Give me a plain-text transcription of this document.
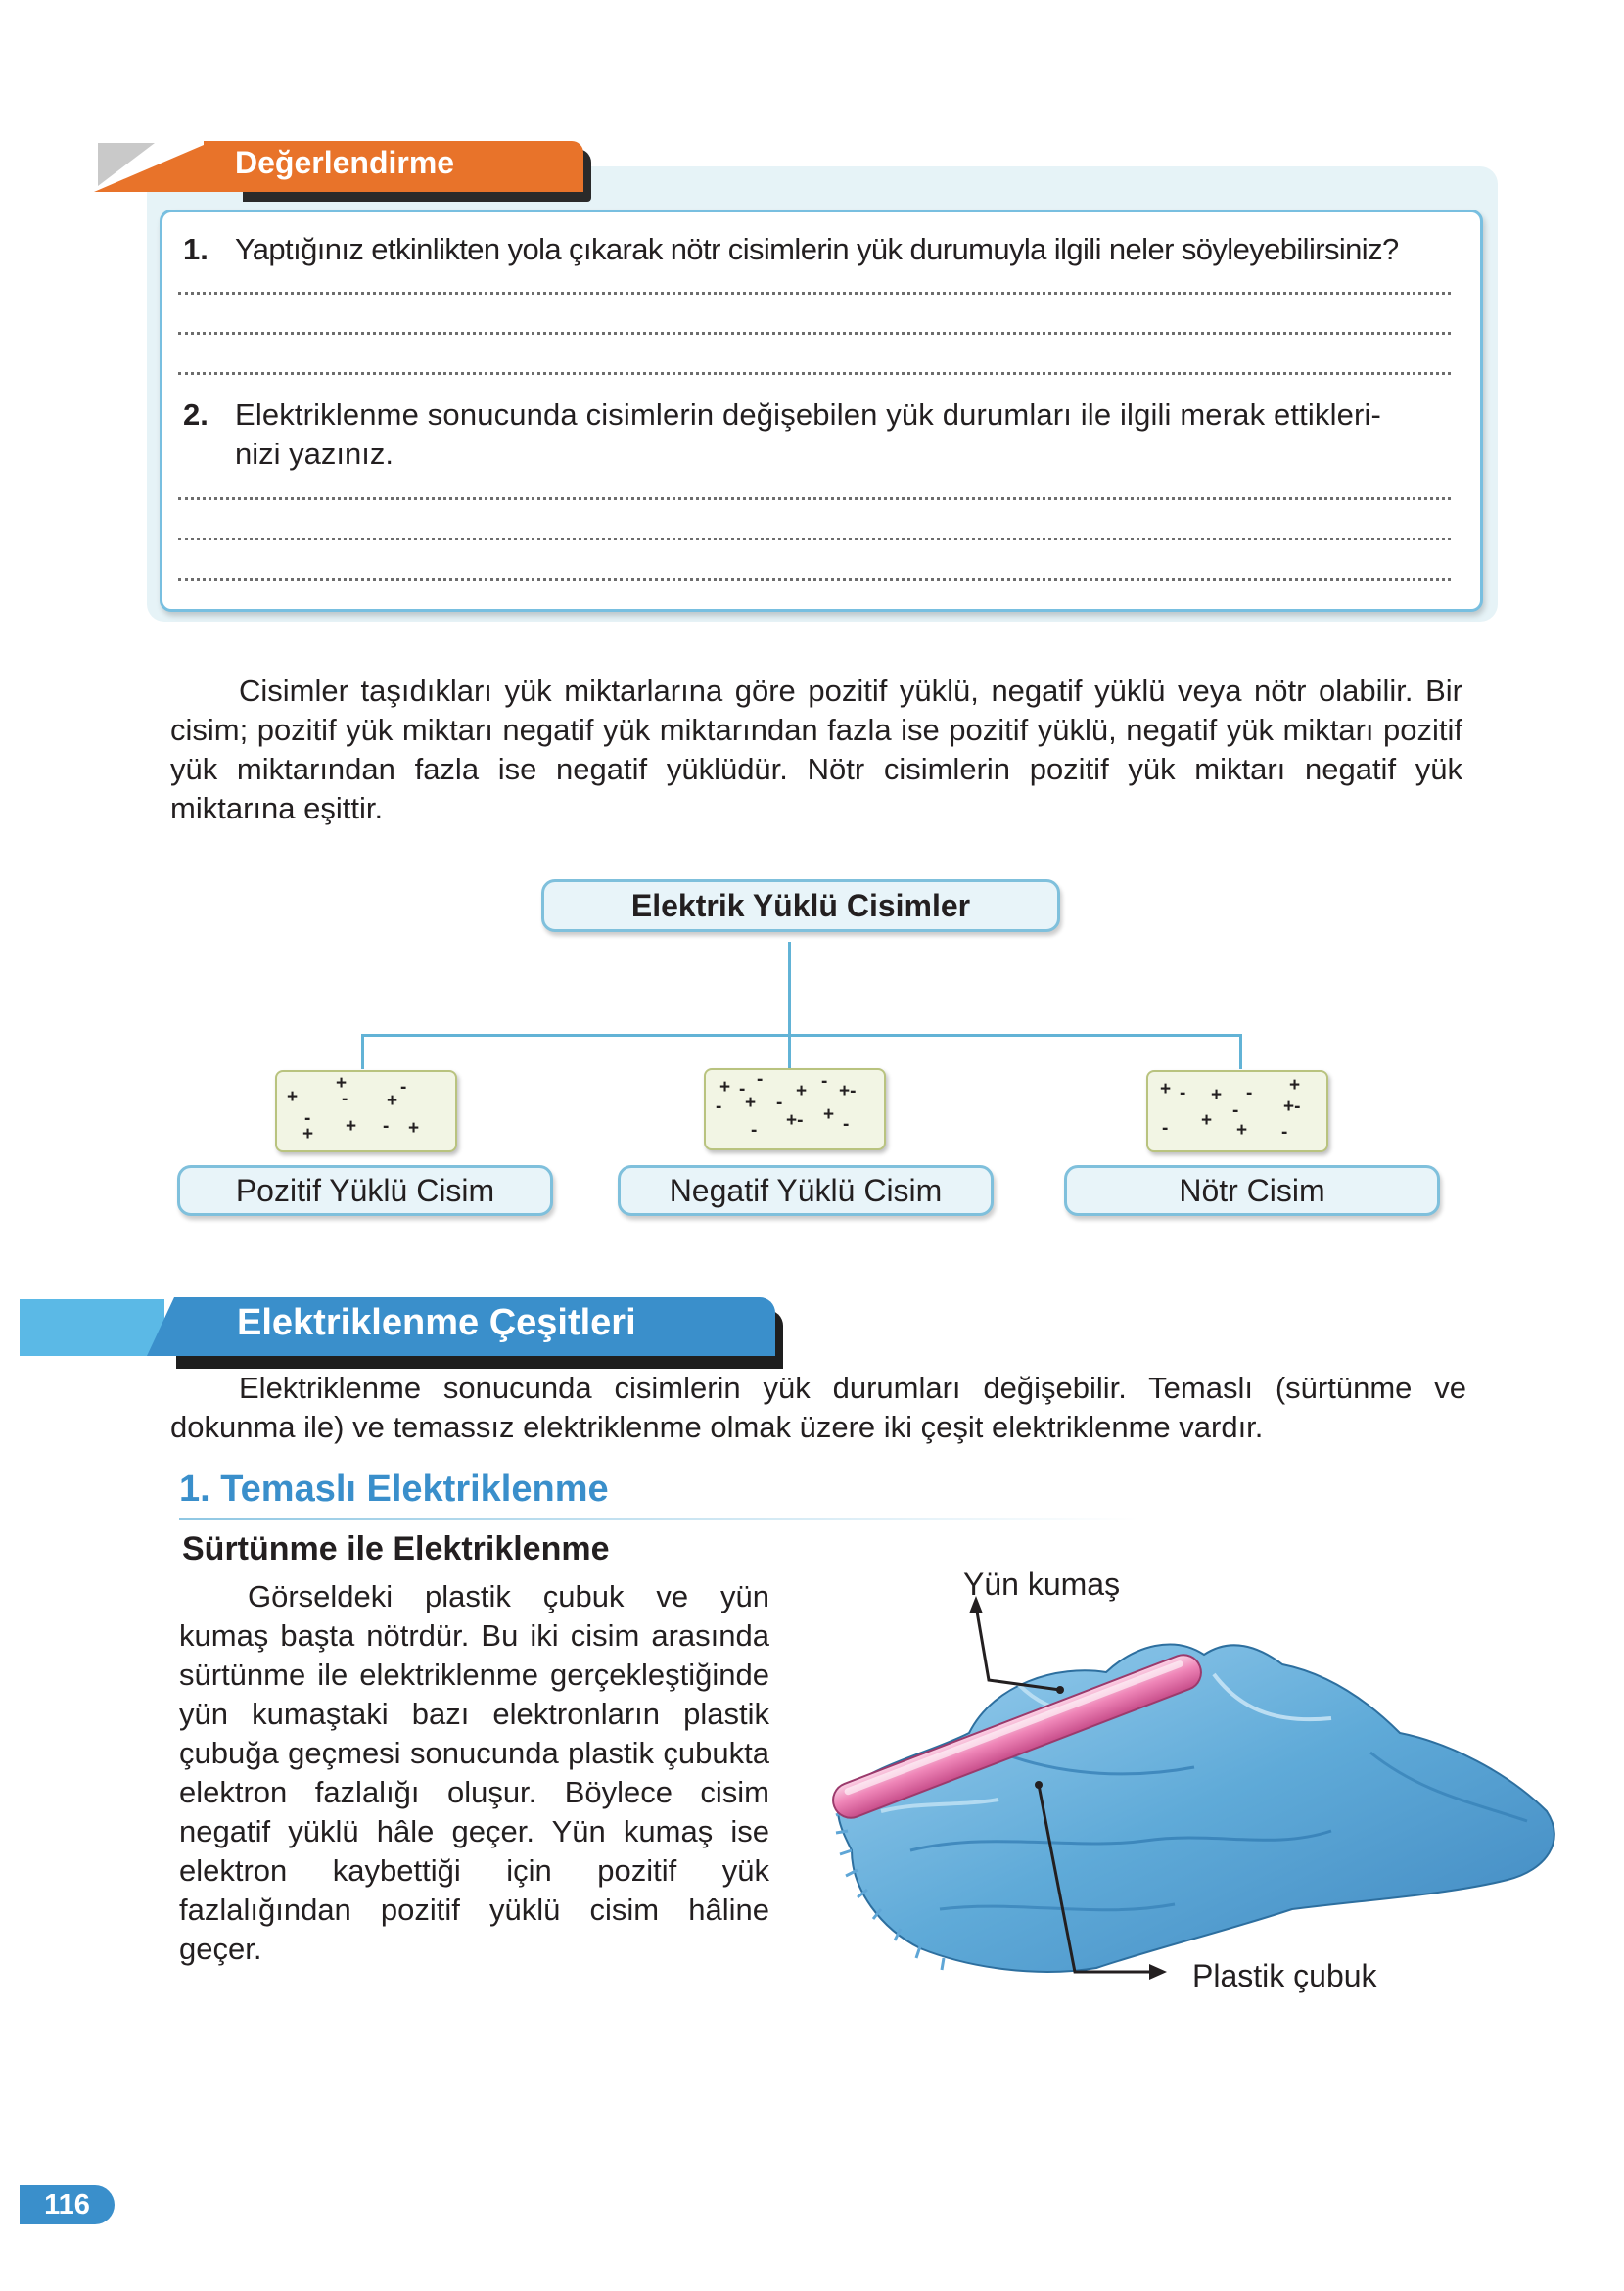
Değerlendirme
1. Yaptığınız etkinlikten yola çıkarak nötr cisimlerin yük durumuyla ilgili neler söyleyebilirsiniz?
2. Elektriklenme sonucunda cisimlerin değişebilen yük durumları ile ilgili merak ettikleri-
nizi yazınız.
Cisimler taşıdıkları yük miktarlarına göre pozitif yüklü, negatif yüklü veya nötr olabilir. Bir cisim; pozitif yük miktarı negatif yük miktarından fazla ise pozitif yüklü, negatif yük miktarı pozitif yük miktarından fazla ise negatif yüklüdür. Nötr cisimlerin pozitif yük miktarı negatif yük miktarına eşittir.
Elektrik Yüklü Cisimler
+
+
- +
-
-
+ + - +
+ - -
+
-	-
+ - +-
+- +
-	-
+ - + - +
- +-
+
-	+ -
Pozitif Yüklü Cisim	Negatif Yüklü Cisim	Nötr Cisim
Elektriklenme Çeşitleri
Elektriklenme sonucunda cisimlerin yük durumları değişebilir. Temaslı (sürtünme ve dokunma ile) ve temassız elektriklenme olmak üzere iki çeşit elektriklenme vardır.
1. Temaslı Elektriklenme
Sürtünme ile Elektriklenme
Görseldeki plastik çubuk ve yün kumaş başta nötrdür. Bu iki cisim arasında sürtünme ile elektriklenme gerçekleştiğinde yün kumaştaki bazı elektronların plastik çubuğa geçmesi sonucunda plastik çubukta elektron fazlalığı oluşur. Böylece cisim negatif yüklü hâle geçer. Yün kumaş ise elektron kaybettiği için pozitif yük fazlalığından pozitif yüklü cisim hâline geçer.
Yün kumaş
Plastik çubuk
116
